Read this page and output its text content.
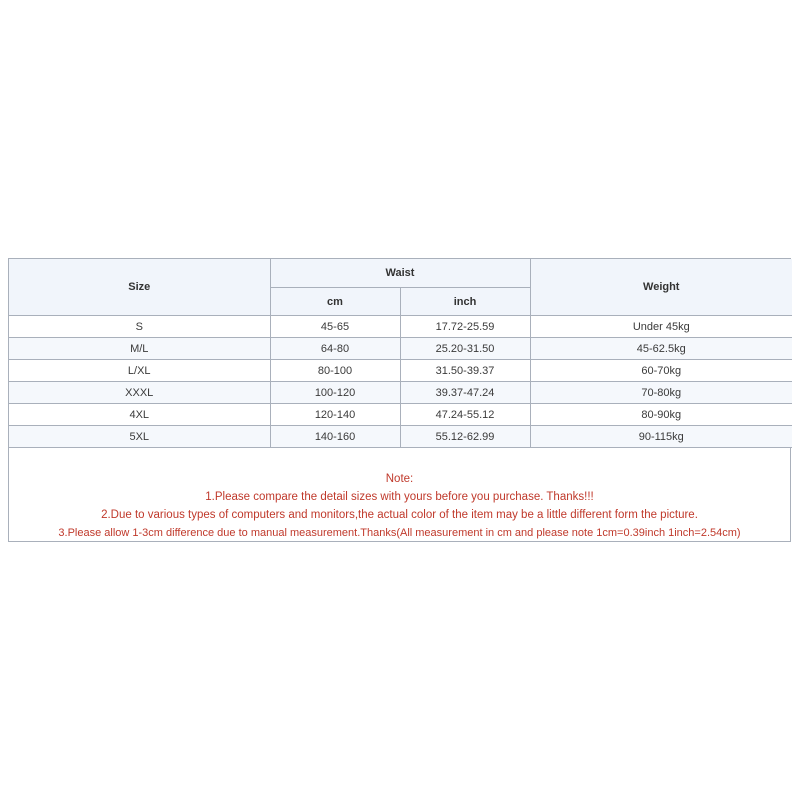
Size	Waist		Weight
	cm	inch	
S	45-65	17.72-25.59	Under 45kg
M/L	64-80	25.20-31.50	45-62.5kg
L/XL	80-100	31.50-39.37	60-70kg
XXXL	100-120	39.37-47.24	70-80kg
4XL	120-140	47.24-55.12	80-90kg
5XL	140-160	55.12-62.99	90-115kg
Note:
1.Please compare the detail sizes with yours before you purchase. Thanks!!!
2.Due to various types of computers and monitors,the actual color of the item may be a little different form the picture.
3.Please allow 1-3cm difference due to manual measurement.Thanks(All measurement in cm and please note 1cm=0.39inch 1inch=2.54cm)
